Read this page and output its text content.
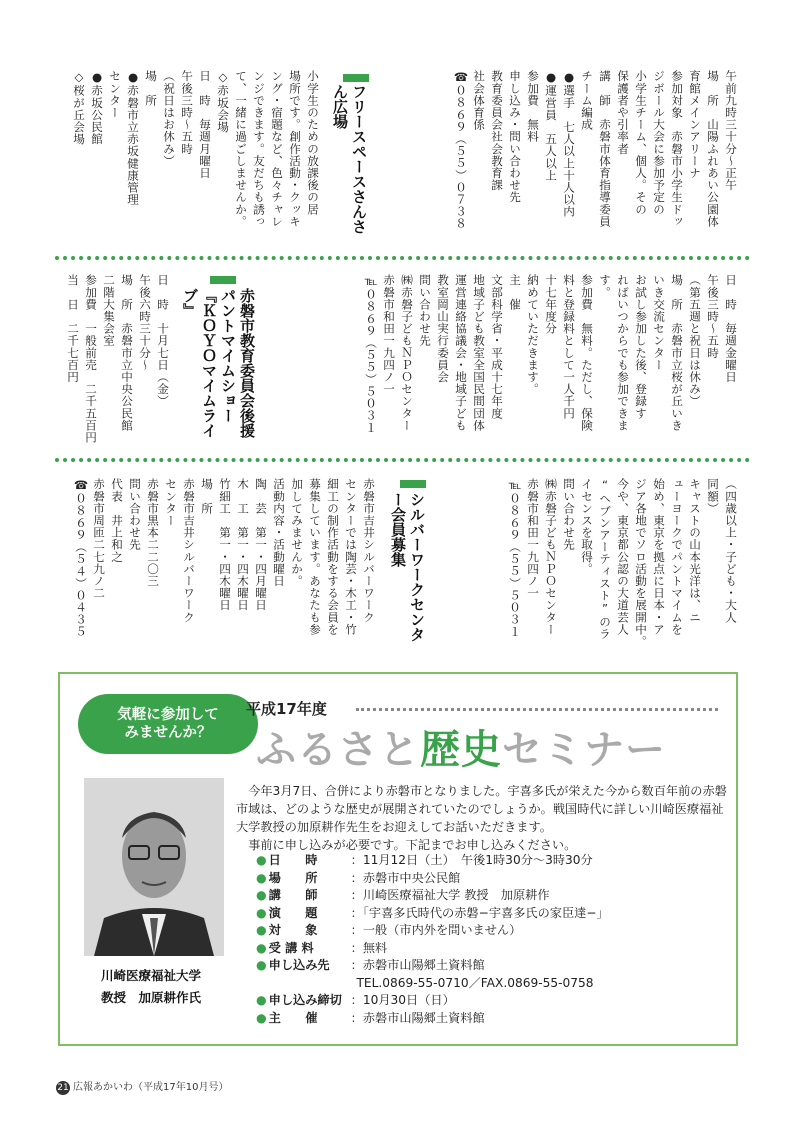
午前九時三十分～正午
場　所　山陽ふれあい公園体
育館メインアリーナ
参加対象　赤磐市小学生ドッ
ジボール大会に参加予定の
小学生チーム、個人。その
保護者や引率者
講　師　赤磐市体育指導委員
チーム編成
●選手　七人以上十人以内
●運営員　五人以上
参加費　無料
申し込み・問い合わせ先
教育委員会社会教育課
社会体育係
☎０８６９（５５）０７３８
フリースペースさんさん広場
小学生のための放課後の居
場所です。創作活動・クッキ
ング・宿題など、色々チャレ
ンジできます。友だちも誘っ
て、一緒に過ごしませんか。
◇赤坂会場
日　時　毎週月曜日
午後三時～五時
（祝日はお休み）
場　所
●赤磐市立赤坂健康管理
センター
●赤坂公民館
◇桜が丘会場
日　時　毎週金曜日
午後三時～五時
（第五週と祝日は休み）
場　所　赤磐市立桜が丘いき
いき交流センター
お試し参加した後、登録す
ればいつからでも参加できま
す。
参加費　無料。ただし、保険
料と登録料として一人千円
十七年度分
納めていただきます。
主　催
文部科学省・平成十七年度
地域子ども教室全国民間団体
運営連絡協議会・地域子ども
教室岡山実行委員会
問い合わせ先
㈱赤磐子どもＮＰＯセンター
赤磐市和田一九四ノ一
℡０８６９（５５）５０３１
赤磐市教育委員会後援パントマイムショー『ＫＯＹＯマイムライブ』
日　時　十月七日（金）
午後六時三十分～
場　所　赤磐市立中央公民館
二階大集会室
参加費　一般前売　二千五百円
当　日　二千七百円
（四歳以上・子ども・大人
同額）
キャストの山本光洋は、ニ
ューヨークでパントマイムを
始め、東京を拠点に日本・ア
ジア各地でソロ活動を展開中。
今や、東京都公認の大道芸人
“ヘブンアーティスト”のラ
イセンスを取得。
問い合わせ先
㈱赤磐子どもＮＰＯセンター
赤磐市和田一九四ノ一
℡０８６９（５５）５０３１
シルバーワークセンター会員募集
赤磐市吉井シルバーワーク
センターでは陶芸・木工・竹
細工の制作活動をする会員を
募集しています。あなたも参
加してみませんか。
活動内容・活動曜日
陶　芸　第一・四月曜日
木　工　第一・四木曜日
竹細工　第一・四木曜日
場　所
赤磐市吉井シルバーワーク
センター
赤磐市黒本二二〇三
問い合わせ先
代表　井上和之
赤磐市周匝二七九ノ二
☎０８６９（５４）０４３５
気軽に参加して
みませんか？
平成17年度
ふるさと歴史セミナー
川崎医療福祉大学
教授　加原耕作氏
今年3月7日、合併により赤磐市となりました。宇喜多氏が栄えた今から数百年前の赤磐市域は、どのような歴史が展開されていたのでしょうか。戦国時代に詳しい川崎医療福祉大学教授の加原耕作先生をお迎えしてお話いただきます。
事前に申し込みが必要です。下記までお申し込みください。
● 日　　時	：11月12日（土）　午後1時30分〜3時30分
● 場　　所	：赤磐市中央公民館
● 講　　師	：川崎医療福祉大学 教授　加原耕作
● 演　　題	：「宇喜多氏時代の赤磐−宇喜多氏の家臣達−」
● 対　　象	：一般（市内外を問いません）
● 受 講 料	：無料
● 申し込み先 ：赤磐市山陽郷土資料館
　TEL.0869-55-0710／FAX.0869-55-0758
● 申し込み締切 ：10月30日（日）
● 主　　催	：赤磐市山陽郷土資料館
21 広報あかいわ（平成17年10月号）
